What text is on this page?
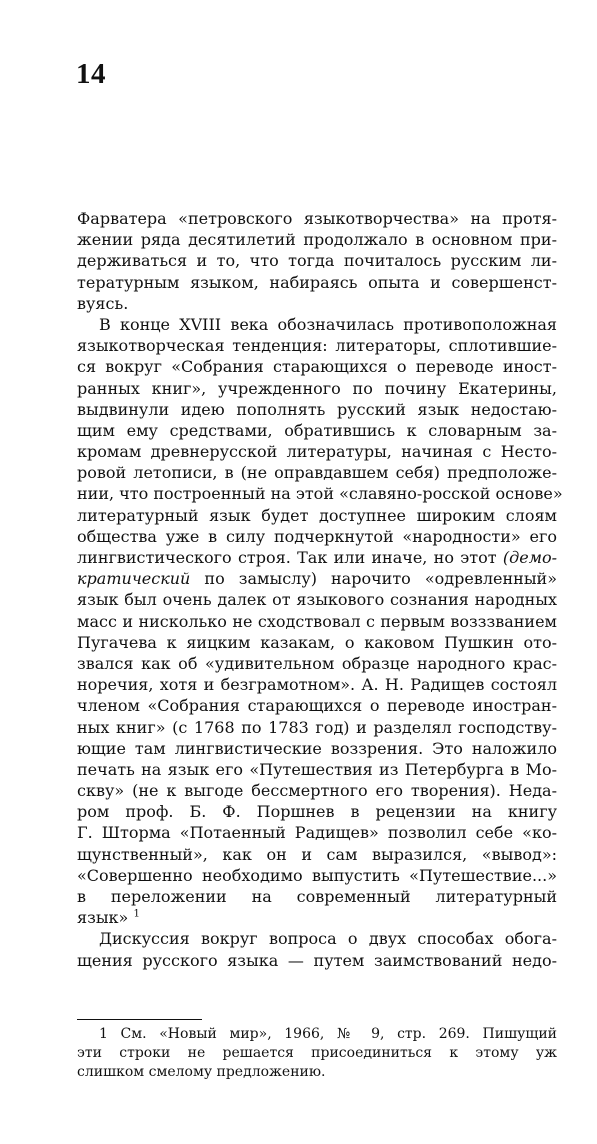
14
Фарватера «петровского языкотворчества» на протя-
жении ряда десятилетий продолжало в основном при-
держиваться и то, что тогда почиталось русским ли-
тературным языком, набираясь опыта и совершенст-
вуясь.
В конце XVIII века обозначилась противоположная
языкотворческая тенденция: литераторы, сплотившие-
ся вокруг «Собрания старающихся о переводе иност-
ранных книг», учрежденного по почину Екатерины,
выдвинули идею пополнять русский язык недостаю-
щим ему средствами, обратившись к словарным за-
кромам древнерусской литературы, начиная с Несто-
ровой летописи, в (не оправдавшем себя) предположе-
нии, что построенный на этой «славяно-росской основе»
литературный язык будет доступнее широким слоям
общества уже в силу подчеркнутой «народности» его
лингвистического строя. Так или иначе, но этот (демо-
кратический по замыслу) нарочито «одревленный»
язык был очень далек от языкового сознания народных
масс и нисколько не сходствовал с первым возззванием
Пугачева к яицким казакам, о каковом Пушкин ото-
звался как об «удивительном образце народного крас-
норечия, хотя и безграмотном». А. Н. Радищев состоял
членом «Собрания старающихся о переводе иностран-
ных книг» (с 1768 по 1783 год) и разделял господству-
ющие там лингвистические воззрения. Это наложило
печать на язык его «Путешествия из Петербурга в Мо-
скву» (не к выгоде бессмертного его творения). Неда-
ром проф. Б. Ф. Поршнев в рецензии на книгу
Г. Шторма «Потаенный Радищев» позволил себе «ко-
щунственный», как он и сам выразился, «вывод»:
«Совершенно необходимо выпустить «Путешествие...»
в переложении на современный литературный
язык» $^1$
Дискуссия вокруг вопроса о двух способах обога-
щения русского языка — путем заимствований недо-
1 См. «Новый мир», 1966, № 9, стр. 269. Пишущий
эти строки не решается присоединиться к этому уж
слишком смелому предложению.
